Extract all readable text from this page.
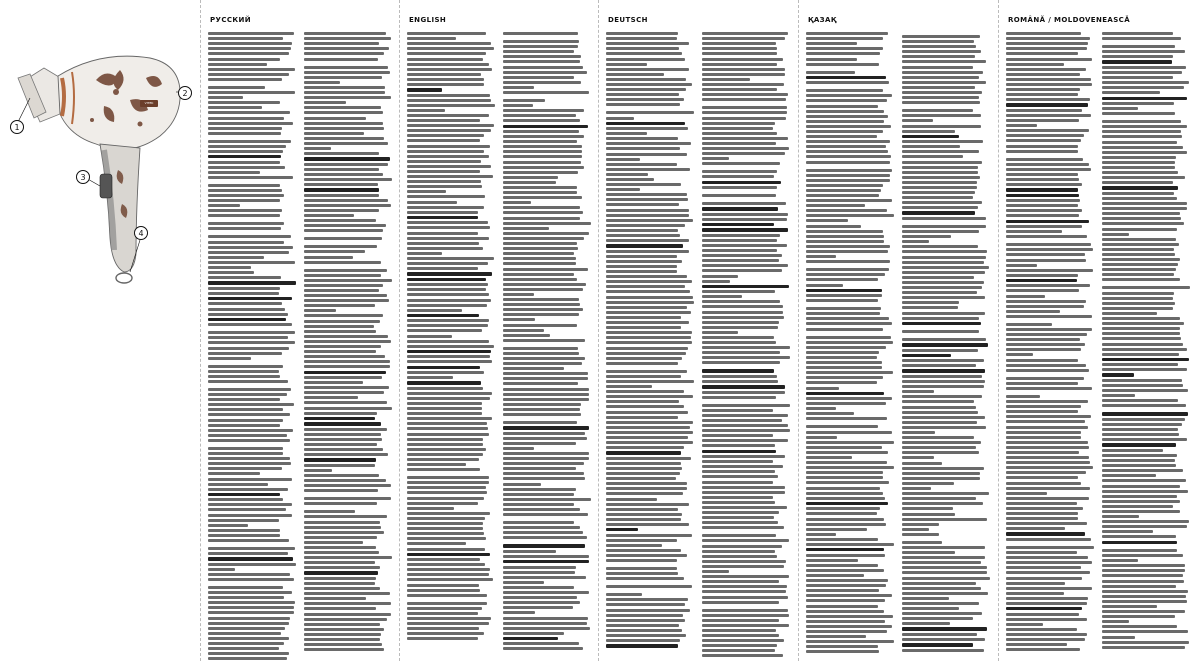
VITEK
1
2
3
4
РУССКИЙ	ENGLISH	DEUTSCH	ҚАЗАҚ	ROMÂNĂ / MOLDOVENEASCĂ
